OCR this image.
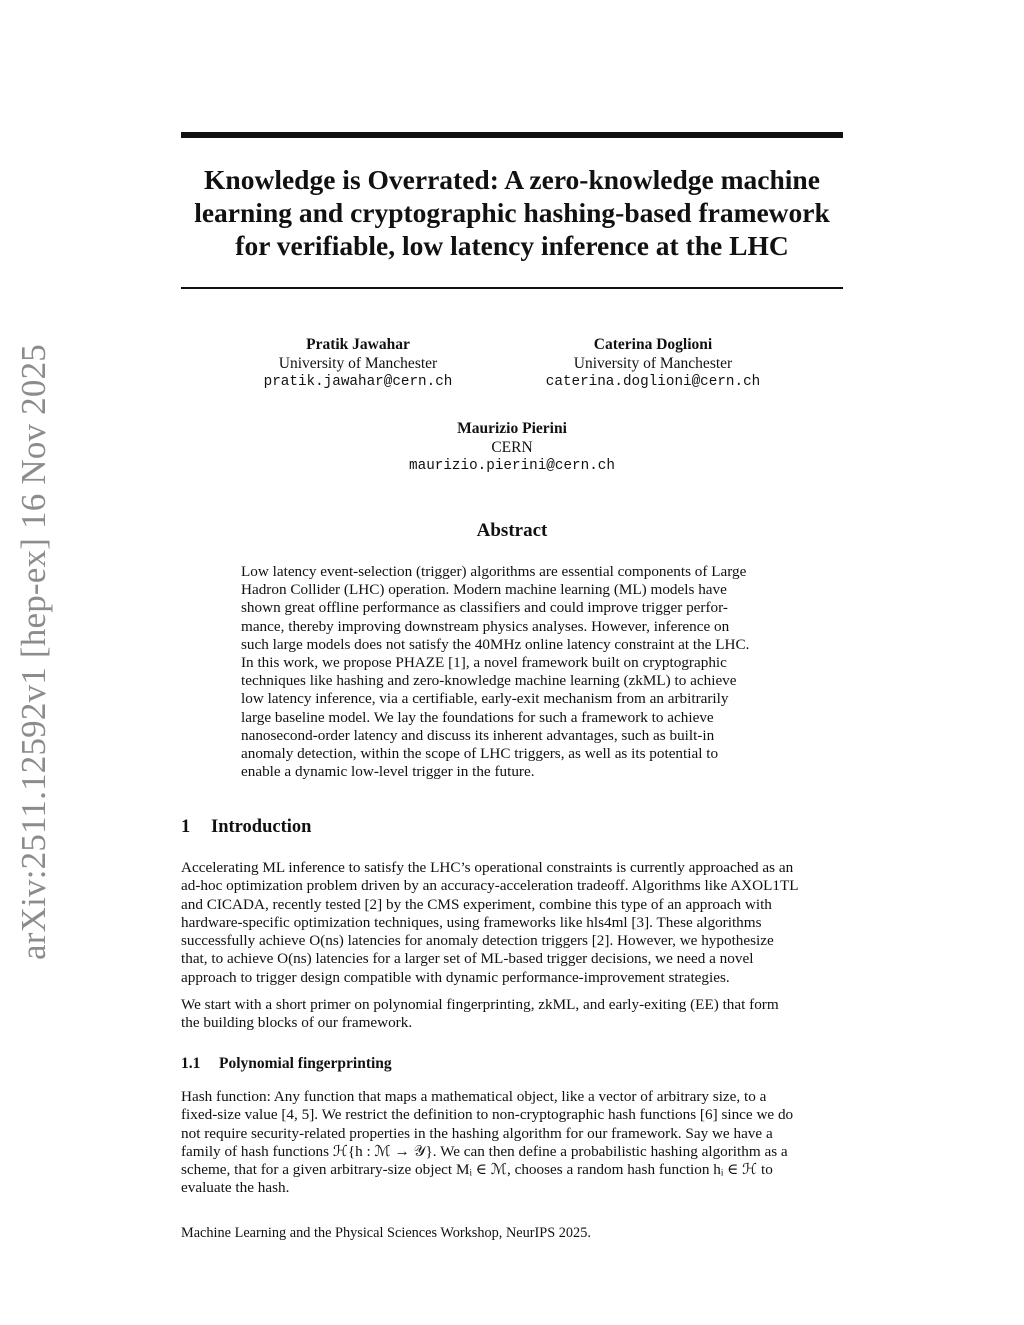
arXiv:2511.12592v1 [hep-ex] 16 Nov 2025
Knowledge is Overrated: A zero-knowledge machine
learning and cryptographic hashing-based framework
for verifiable, low latency inference at the LHC
Pratik Jawahar
University of Manchester
pratik.jawahar@cern.ch
Caterina Doglioni
University of Manchester
caterina.doglioni@cern.ch
Maurizio Pierini
CERN
maurizio.pierini@cern.ch
Abstract
Low latency event-selection (trigger) algorithms are essential components of Large
Hadron Collider (LHC) operation. Modern machine learning (ML) models have
shown great offline performance as classifiers and could improve trigger perfor-
mance, thereby improving downstream physics analyses. However, inference on
such large models does not satisfy the 40MHz online latency constraint at the LHC.
In this work, we propose PHAZE [1], a novel framework built on cryptographic
techniques like hashing and zero-knowledge machine learning (zkML) to achieve
low latency inference, via a certifiable, early-exit mechanism from an arbitrarily
large baseline model. We lay the foundations for such a framework to achieve
nanosecond-order latency and discuss its inherent advantages, such as built-in
anomaly detection, within the scope of LHC triggers, as well as its potential to
enable a dynamic low-level trigger in the future.
1 Introduction
Accelerating ML inference to satisfy the LHC’s operational constraints is currently approached as an
ad-hoc optimization problem driven by an accuracy-acceleration tradeoff. Algorithms like AXOL1TL
and CICADA, recently tested [2] by the CMS experiment, combine this type of an approach with
hardware-specific optimization techniques, using frameworks like hls4ml [3]. These algorithms
successfully achieve O(ns) latencies for anomaly detection triggers [2]. However, we hypothesize
that, to achieve O(ns) latencies for a larger set of ML-based trigger decisions, we need a novel
approach to trigger design compatible with dynamic performance-improvement strategies.
We start with a short primer on polynomial fingerprinting, zkML, and early-exiting (EE) that form
the building blocks of our framework.
1.1 Polynomial fingerprinting
Hash function: Any function that maps a mathematical object, like a vector of arbitrary size, to a
fixed-size value [4, 5]. We restrict the definition to non-cryptographic hash functions [6] since we do
not require security-related properties in the hashing algorithm for our framework. Say we have a
family of hash functions ℋ{h : ℳ → 𝒴}. We can then define a probabilistic hashing algorithm as a
scheme, that for a given arbitrary-size object Mᵢ ∈ ℳ, chooses a random hash function hᵢ ∈ ℋ to
evaluate the hash.
Machine Learning and the Physical Sciences Workshop, NeurIPS 2025.
